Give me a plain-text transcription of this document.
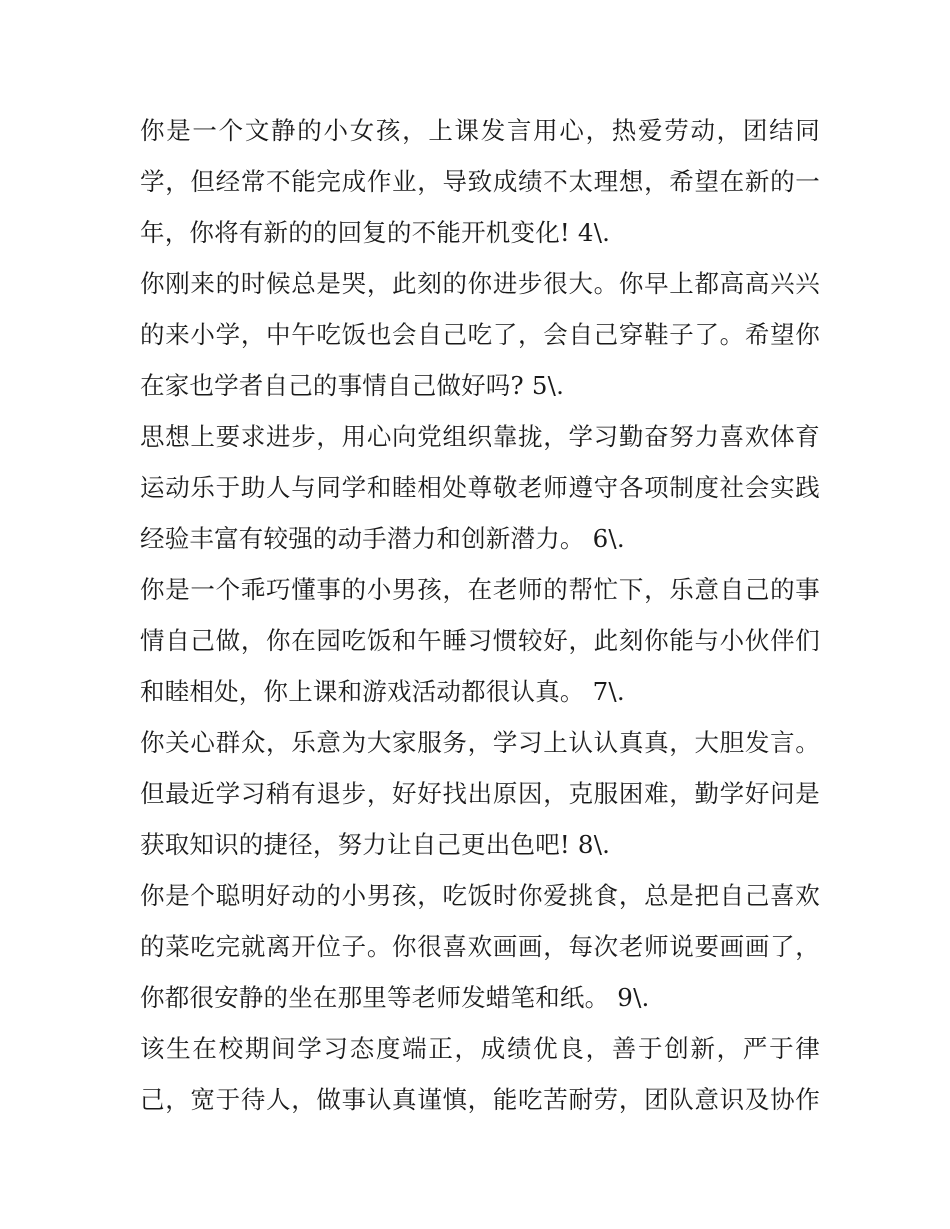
你是一个文静的小女孩，上课发言用心，热爱劳动，团结同

学，但经常不能完成作业，导致成绩不太理想，希望在新的一

年，你将有新的的回复的不能开机变化! 4\.

你刚来的时候总是哭，此刻的你进步很大。你早上都高高兴兴

的来小学，中午吃饭也会自己吃了，会自己穿鞋子了。希望你

在家也学者自己的事情自己做好吗? 5\.

思想上要求进步，用心向党组织靠拢，学习勤奋努力喜欢体育

运动乐于助人与同学和睦相处尊敬老师遵守各项制度社会实践

经验丰富有较强的动手潜力和创新潜力。 6\.

你是一个乖巧懂事的小男孩，在老师的帮忙下，乐意自己的事

情自己做，你在园吃饭和午睡习惯较好，此刻你能与小伙伴们

和睦相处，你上课和游戏活动都很认真。 7\.

你关心群众，乐意为大家服务，学习上认认真真，大胆发言。

但最近学习稍有退步，好好找出原因，克服困难，勤学好问是

获取知识的捷径，努力让自己更出色吧! 8\.

你是个聪明好动的小男孩，吃饭时你爱挑食，总是把自己喜欢

的菜吃完就离开位子。你很喜欢画画，每次老师说要画画了，

你都很安静的坐在那里等老师发蜡笔和纸。 9\.

该生在校期间学习态度端正，成绩优良，善于创新，严于律

己，宽于待人，做事认真谨慎，能吃苦耐劳，团队意识及协作
